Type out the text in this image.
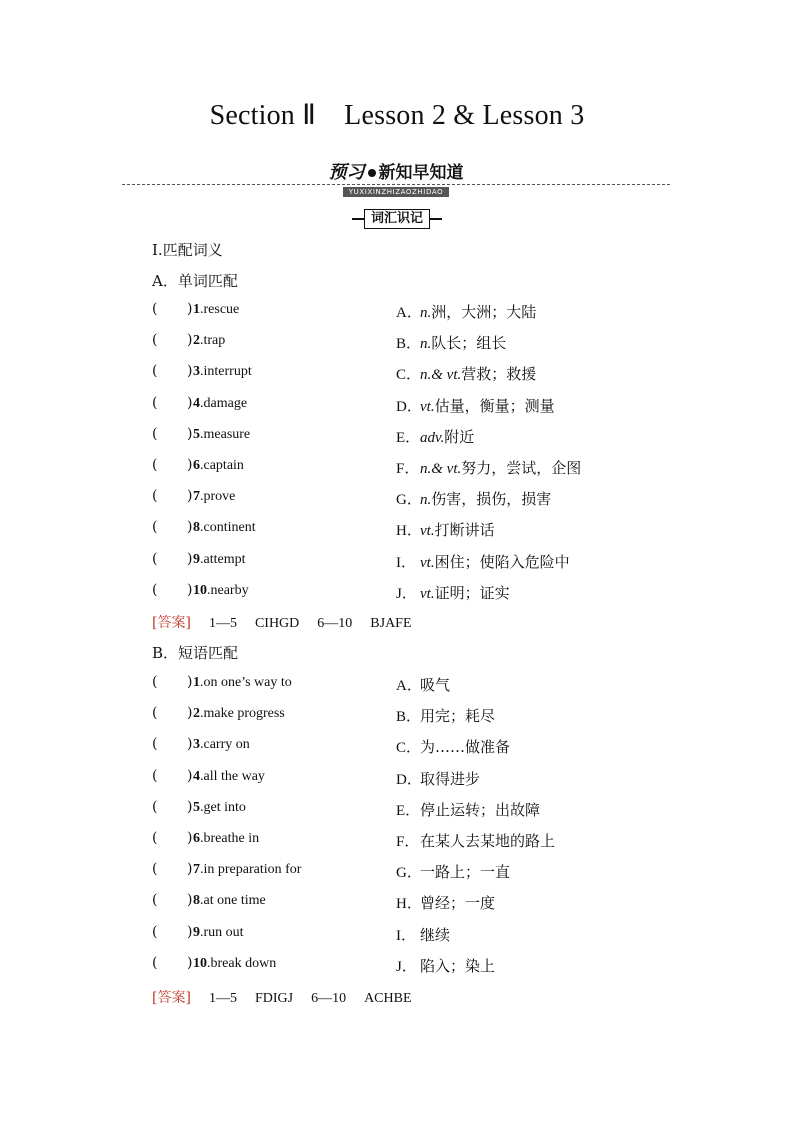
Section Ⅱ Lesson 2 & Lesson 3
预习 新知早知道
YUXIXINZHIZAOZHIDAO
词汇识记
Ⅰ.匹配词义
A．单词匹配
( ) 1.rescue	A．n.洲，大洲；大陆
( ) 2.trap	B．n.队长；组长
( ) 3.interrupt	C．n.& vt.营救；救援
( ) 4.damage	D．vt.估量，衡量；测量
( ) 5.measure	E．adv.附近
( ) 6.captain	F．n.& vt.努力，尝试，企图
( ) 7.prove	G．n.伤害，损伤，损害
( ) 8.continent	H．vt.打断讲话
( ) 9.attempt	I． vt.困住；使陷入危险中
( ) 10.nearby	J． vt.证明；证实
[答案] 1—5 CIHGD 6—10 BJAFE
B．短语匹配
( ) 1.on one’s way to	A．吸气
( ) 2.make progress	B．用完；耗尽
( ) 3.carry on	C．为……做准备
( ) 4.all the way	D．取得进步
( ) 5.get into	E．停止运转；出故障
( ) 6.breathe in	F．在某人去某地的路上
( ) 7.in preparation for	G．一路上；一直
( ) 8.at one time	H．曾经；一度
( ) 9.run out	I． 继续
( ) 10.break down	J． 陷入；染上
[答案] 1—5 FDIGJ 6—10 ACHBE
